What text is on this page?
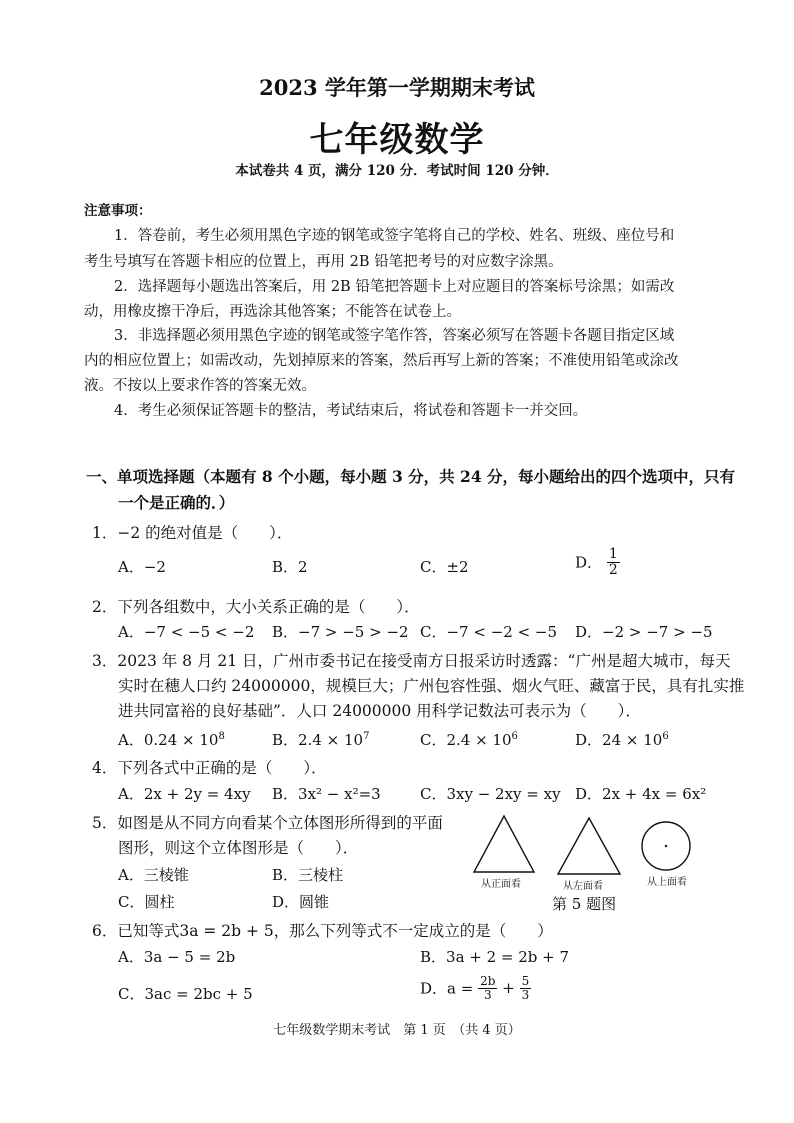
2023 学年第一学期期末考试
七年级数学
本试卷共 4 页，满分 120 分．考试时间 120 分钟．
注意事项：
1．答卷前，考生必须用黑色字迹的钢笔或签字笔将自己的学校、姓名、班级、座位号和
考生号填写在答题卡相应的位置上，再用 2B 铅笔把考号的对应数字涂黑。
2．选择题每小题选出答案后，用 2B 铅笔把答题卡上对应题目的答案标号涂黑；如需改
动，用橡皮擦干净后，再选涂其他答案；不能答在试卷上。
3．非选择题必须用黑色字迹的钢笔或签字笔作答，答案必须写在答题卡各题目指定区域
内的相应位置上；如需改动，先划掉原来的答案，然后再写上新的答案；不准使用铅笔或涂改
液。不按以上要求作答的答案无效。
4．考生必须保证答题卡的整洁，考试结束后，将试卷和答题卡一并交回。
一、单项选择题（本题有 8 个小题，每小题 3 分，共 24 分，每小题给出的四个选项中，只有
一个是正确的．）
1．−2 的绝对值是（　　）．
A．−2	B．2	C．±2	D． $\frac{1}{2}$
2．下列各组数中，大小关系正确的是（　　）．
A．−7 < −5 < −2 B．−7 > −5 > −2 C．−7 < −2 < −5 D．−2 > −7 > −5
3．2023 年 8 月 21 日，广州市委书记在接受南方日报采访时透露：“广州是超大城市，每天
实时在穗人口约 24000000，规模巨大；广州包容性强、烟火气旺、藏富于民，具有扎实推
进共同富裕的良好基础”．人口 24000000 用科学记数法可表示为（　　）．
A．$0.24 \times 10^8$	B．$2.4 \times 10^7$	C．$2.4 \times 10^6$	D．$24 \times 10^6$
4．下列各式中正确的是（　　）．
A．2x + 2y = 4xy B．3x² − x²=3	C．3xy − 2xy = xy D．2x + 4x = 6x²
5．如图是从不同方向看某个立体图形所得到的平面
图形，则这个立体图形是（　　）．
A．三棱锥	B．三棱柱
C．圆柱	D．圆锥
从正面看	从左面看	从上面看
第 5 题图
6．已知等式3a = 2b + 5，那么下列等式不一定成立的是（　　）
A．3a − 5 = 2b	B．3a + 2 = 2b + 7
C．3ac = 2bc + 5	D．$a = \frac{2b}{3} + \frac{5}{3}$
七年级数学期末考试　第 1 页　（共 4 页）
